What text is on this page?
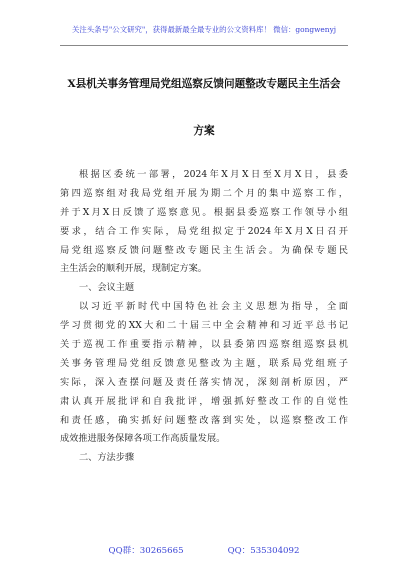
关注头条号"公文研究"，获得最新最全最专业的公文资料库！ 微信：gongwenyj
X县机关事务管理局党组巡察反馈问题整改专题民主生活会
方案
根据区委统一部署，2024年X月X日至X月X日，县委
第四巡察组对我局党组开展为期二个月的集中巡察工作，
并于X月X日反馈了巡察意见。根据县委巡察工作领导小组
要求，结合工作实际，局党组拟定于2024年X月X日召开
局党组巡察反馈问题整改专题民主生活会。为确保专题民
主生活会的顺利开展，现制定方案。
一、会议主题
以习近平新时代中国特色社会主义思想为指导，全面
学习贯彻党的XX大和二十届三中全会精神和习近平总书记
关于巡视工作重要指示精神，以县委第四巡察组巡察县机
关事务管理局党组反馈意见整改为主题，联系局党组班子
实际，深入查摆问题及责任落实情况，深刻剖析原因，严
肃认真开展批评和自我批评，增强抓好整改工作的自觉性
和责任感，确实抓好问题整改落到实处，以巡察整改工作
成效推进服务保障各项工作高质量发展。
二、方法步骤
QQ群：30265665	QQ：535304092
